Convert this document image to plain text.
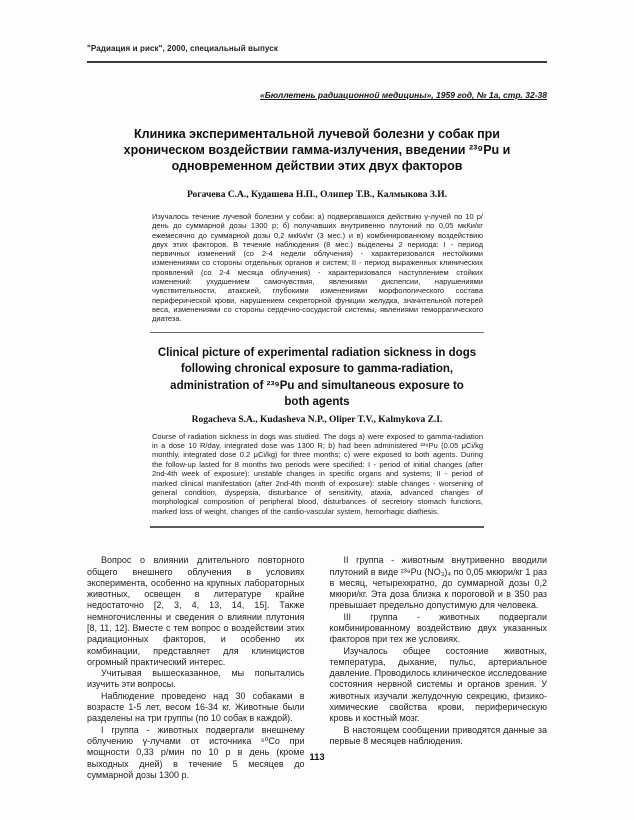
"Радиация и риск", 2000, специальный выпуск
«Бюллетень радиационной медицины», 1959 год, № 1а, стр. 32-38
Клиника экспериментальной лучевой болезни у собак при хроническом воздействии гамма-излучения, введении ²³⁹Pu и одновременном действии этих двух факторов
Рогачева С.А., Кудашева Н.П., Олипер Т.В., Калмыкова З.И.
Изучалось течение лучевой болезни у собак: а) подвергавшихся действию γ-лучей по 10 р/день до суммарной дозы 1300 р; б) получавших внутривенно плутоний по 0,05 мкКи/кг ежемесячно до суммарной дозы 0,2 мкКи/кг (3 мес.) и в) комбинированному воздействию двух этих факторов. В течение наблюдения (8 мес.) выделены 2 периода: I - период первичных изменений (со 2-4 недели облучения) - характеризовался нестойкими изменениями со стороны отдельных органов и систем; II - период выраженных клинических проявлений (со 2-4 месяца облучения) - характеризовался наступлением стойких изменений: ухудшением самочувствия, явлениями диспепсии, нарушениями чувствительности, атаксией, глубокими изменениями морфологического состава периферической крови, нарушением секреторной функции желудка, значительной потерей веса, изменениями со стороны сердечно-сосудистой системы, явлениями геморрагического диатеза.
Clinical picture of experimental radiation sickness in dogs following chronical exposure to gamma-radiation, administration of ²³⁹Pu and simultaneous exposure to both agents
Rogacheva S.A., Kudasheva N.P., Oliper T.V., Kalmykova Z.I.
Course of radiation sickness in dogs was studied. The dogs a) were exposed to gamma-radiation in a dose 10 R/day, integrated dose was 1300 R; b) had been administered ²³⁹Pu (0.05 μCi/kg monthly, integrated dose 0.2 μCi/kg) for three months; c) were exposed to both agents. During the follow-up lasted for 8 months two periods were specified: I - period of initial changes (after 2nd-4th week of exposure): unstable changes in specific organs and systems; II - period of marked clinical manifestation (after 2nd-4th month of exposure): stable changes - worsening of general condition, dyspepsia, disturbance of sensitivity, ataxia, advanced changes of morphological composition of peripheral blood, disturbances of secretory stomach functions, marked loss of weight, changes of the cardio-vascular system, hemorhagic diathesis.

Вопрос о влиянии длительного повторного общего внешнего облучения в условиях эксперимента, особенно на крупных лабораторных животных, освещен в литературе крайне недостаточно [2, 3, 4, 13, 14, 15]. Также немногочисленны и сведения о влиянии плутония [8, 11, 12]. Вместе с тем вопрос о воздействии этих радиационных факторов, и особенно их комбинации, представляет для клиницистов огромный практический интерес.

Учитывая вышесказанное, мы попытались изучить эти вопросы.

Наблюдение проведено над 30 собаками в возрасте 1-5 лет, весом 16-34 кг. Животные были разделены на три группы (по 10 собак в каждой).

I группа - животных подвергали внешнему облучению γ-лучами от источника ⁶⁰Со при мощности 0,33 р/мин по 10 р в день (кроме выходных дней) в течение 5 месяцев до суммарной дозы 1300 р.

II группа - животным внутривенно вводили плутоний в виде ²³⁹Pu (NO₃)₄ по 0,05 мкюри/кг 1 раз в месяц, четырехкратно, до суммарной дозы 0,2 мкюри/кг. Эта доза близка к пороговой и в 350 раз превышает предельно допустимую для человека.

III группа - животных подвергали комбинированному воздействию двух указанных факторов при тех же условиях.

Изучалось общее состояние животных, температура, дыхание, пульс, артериальное давление. Проводилось клиническое исследование состояния нервной системы и органов зрения. У животных изучали желудочную секрецию, физико-химические свойства крови, периферическую кровь и костный мозг.

В настоящем сообщении приводятся данные за первые 8 месяцев наблюдения.

113
